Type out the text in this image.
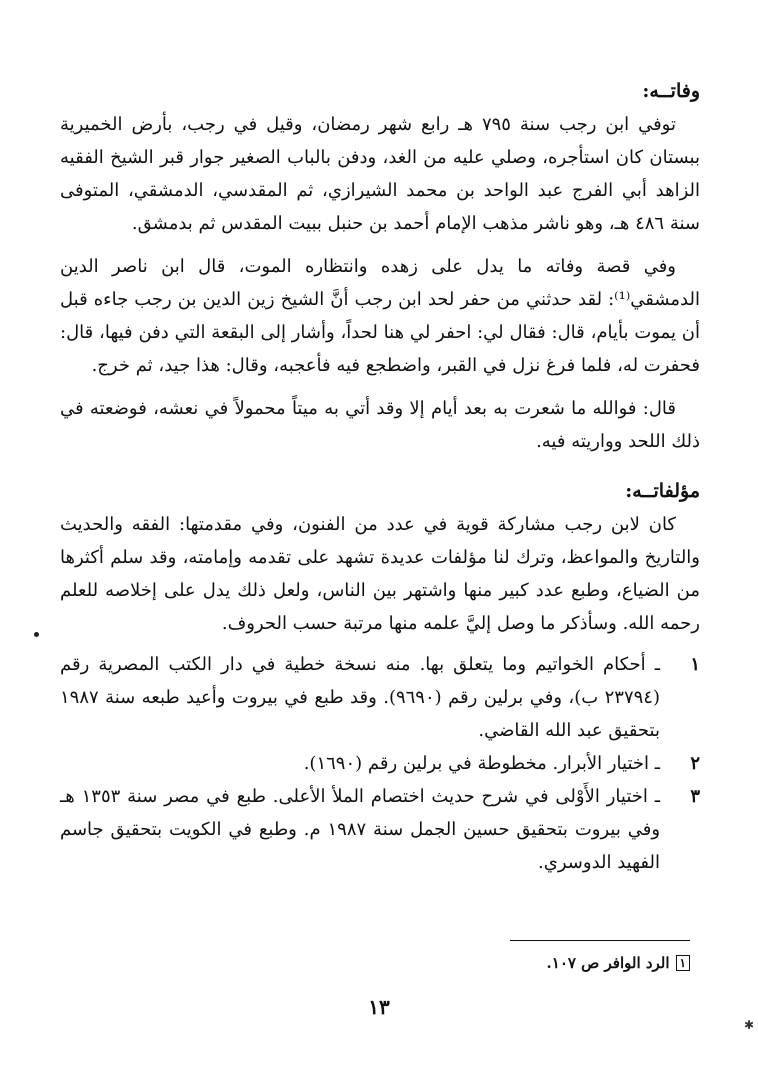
وفاتــه:

توفي ابن رجب سنة ٧٩٥ هـ رابع شهر رمضان، وقيل في رجب، بأرض الخميرية ببستان كان استأجره، وصلي عليه من الغد، ودفن بالباب الصغير جوار قبر الشيخ الفقيه الزاهد أبي الفرج عبد الواحد بن محمد الشيرازي، ثم المقدسي، الدمشقي، المتوفى سنة ٤٨٦ هـ، وهو ناشر مذهب الإمام أحمد بن حنبل ببيت المقدس ثم بدمشق.

وفي قصة وفاته ما يدل على زهده وانتظاره الموت، قال ابن ناصر الدين الدمشقي⁽¹⁾: لقد حدثني من حفر لحد ابن رجب أنَّ الشيخ زين الدين بن رجب جاءه قبل أن يموت بأيام، قال: فقال لي: احفر لي هنا لحداً، وأشار إلى البقعة التي دفن فيها، قال: فحفرت له، فلما فرغ نزل في القبر، واضطجع فيه فأعجبه، وقال: هذا جيد، ثم خرج.

قال: فوالله ما شعرت به بعد أيام إلا وقد أتي به ميتاً محمولاً في نعشه، فوضعته في ذلك اللحد وواريته فيه.

مؤلفاتــه:

كان لابن رجب مشاركة قوية في عدد من الفنون، وفي مقدمتها: الفقه والحديث والتاريخ والمواعظ، وترك لنا مؤلفات عديدة تشهد على تقدمه وإمامته، وقد سلم أكثرها من الضياع، وطبع عدد كبير منها واشتهر بين الناس، ولعل ذلك يدل على إخلاصه للعلم رحمه الله. وسأذكر ما وصل إليَّ علمه منها مرتبة حسب الحروف.

١
ـ أحكام الخواتيم وما يتعلق بها. منه نسخة خطية في دار الكتب المصرية رقم (٢٣٧٩٤ ب)، وفي برلين رقم (٩٦٩٠). وقد طبع في بيروت وأعيد طبعه سنة ١٩٨٧ بتحقيق عبد الله القاضي.
٢
ـ اختيار الأبرار. مخطوطة في برلين رقم (١٦٩٠).
٣
ـ اختيار الأَوْلى في شرح حديث اختصام الملأ الأعلى. طبع في مصر سنة ١٣٥٣ هـ وفي بيروت بتحقيق حسين الجمل سنة ١٩٨٧ م. وطبع في الكويت بتحقيق جاسم الفهيد الدوسري.
١
الرد الوافر ص ١٠٧.
١٣
✱
